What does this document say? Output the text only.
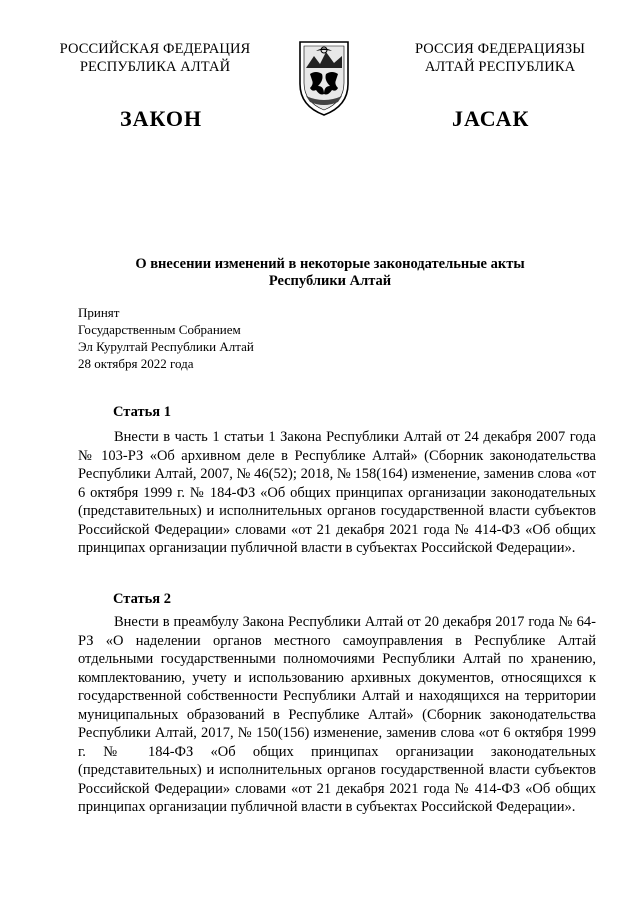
РОССИЙСКАЯ ФЕДЕРАЦИЯ
РЕСПУБЛИКА АЛТАЙ
РОССИЯ ФЕДЕРАЦИЯЗЫ
АЛТАЙ РЕСПУБЛИКА
ЗАКОН	JАСАК
О внесении изменений в некоторые законодательные акты
Республики Алтай
Принят
Государственным Собранием
Эл Курултай Республики Алтай
28 октября 2022 года
Статья 1
Внести в часть 1 статьи 1 Закона Республики Алтай от 24 декабря 2007 года № 103-РЗ «Об архивном деле в Республике Алтай» (Сборник законодательства Республики Алтай, 2007, № 46(52); 2018, № 158(164) изменение, заменив слова «от 6 октября 1999 г. № 184-ФЗ «Об общих принципах организации законодательных (представительных) и исполнительных органов государственной власти субъектов Российской Федерации» словами «от 21 декабря 2021 года № 414-ФЗ «Об общих принципах организации публичной власти в субъектах Российской Федерации».
Статья 2
Внести в преамбулу Закона Республики Алтай от 20 декабря 2017 года № 64-РЗ «О наделении органов местного самоуправления в Республике Алтай отдельными государственными полномочиями Республики Алтай по хранению, комплектованию, учету и использованию архивных документов, относящихся к государственной собственности Республики Алтай и находящихся на территории муниципальных образований в Республике Алтай» (Сборник законодательства Республики Алтай, 2017, № 150(156) изменение, заменив слова «от 6 октября 1999 г. № 184-ФЗ «Об общих принципах организации законодательных (представительных) и исполнительных органов государственной власти субъектов Российской Федерации» словами «от 21 декабря 2021 года № 414-ФЗ «Об общих принципах организации публичной власти в субъектах Российской Федерации».
